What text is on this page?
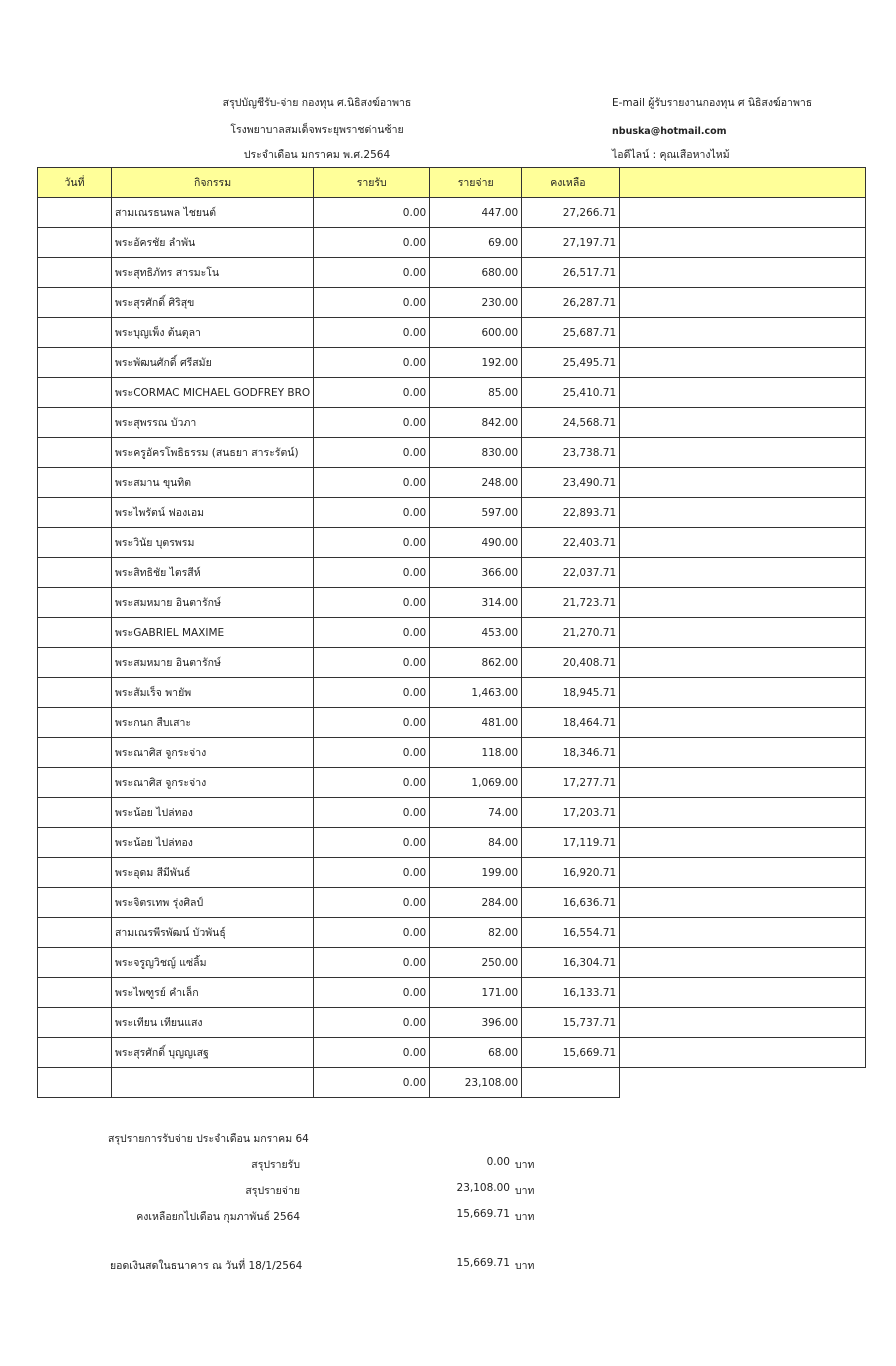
สรุปบัญชีรับ-จ่าย กองทุน ศ.นิธิสงฆ์อาพาธ
โรงพยาบาลสมเด็จพระยุพราชด่านซ้าย
ประจำเดือน มกราคม พ.ศ.2564
E-mail ผู้รับรายงานกองทุน ศ นิธิสงฆ์อาพาธ
nbuska@hotmail.com
ไอดีไลน์ : คุณเสือหางไหม้
วันที่	กิจกรรม	รายรับ	รายจ่าย	คงเหลือ	
	สามเณรธนพล ไชยนต์	0.00	447.00	27,266.71	
	พระอัครชัย ลำพัน	0.00	69.00	27,197.71	
	พระสุทธิภัทร สารมะโน	0.00	680.00	26,517.71	
	พระสุรศักดิ์ ศิริสุข	0.00	230.00	26,287.71	
	พระบุญเพ็ง ต้นตุลา	0.00	600.00	25,687.71	
	พระพัฒนศักดิ์ ศรีสมัย	0.00	192.00	25,495.71	
	พระCORMAC MICHAEL GODFREY BRO	0.00	85.00	25,410.71	
	พระสุพรรณ บัวภา	0.00	842.00	24,568.71	
	พระครูอัครโพธิธรรม (สนธยา สาระรัตน์)	0.00	830.00	23,738.71	
	พระสมาน ขุนทิต	0.00	248.00	23,490.71	
	พระไพรัตน์ ฟองเอม	0.00	597.00	22,893.71	
	พระวินัย บุตรพรม	0.00	490.00	22,403.71	
	พระสิทธิชัย ไตรสีห์	0.00	366.00	22,037.71	
	พระสมหมาย อินตารักษ์	0.00	314.00	21,723.71	
	พระGABRIEL MAXIME	0.00	453.00	21,270.71	
	พระสมหมาย อินตารักษ์	0.00	862.00	20,408.71	
	พระสัมเร็จ พายัพ	0.00	1,463.00	18,945.71	
	พระกนก สืบเสาะ	0.00	481.00	18,464.71	
	พระณาศิส จูกระจ่าง	0.00	118.00	18,346.71	
	พระณาศิส จูกระจ่าง	0.00	1,069.00	17,277.71	
	พระน้อย ไปล่ทอง	0.00	74.00	17,203.71	
	พระน้อย ไปล่ทอง	0.00	84.00	17,119.71	
	พระอุดม สีมีพันธ์	0.00	199.00	16,920.71	
	พระจิตรเทพ รุ่งศิลป์	0.00	284.00	16,636.71	
	สามเณรพีรพัฒน์ บัวพันธุ์	0.00	82.00	16,554.71	
	พระจรูญวิชญ์ แซ่ลิ้ม	0.00	250.00	16,304.71	
	พระไพฑูรย์ คำเล็ก	0.00	171.00	16,133.71	
	พระเทียน เทียนแสง	0.00	396.00	15,737.71	
	พระสุรศักดิ์ บุญญเสฐ	0.00	68.00	15,669.71	
		0.00	23,108.00		
สรุปรายการรับจ่าย ประจำเดือน มกราคม 64
สรุปรายรับ	0.00 บาท
สรุปรายจ่าย	23,108.00 บาท
คงเหลือยกไปเดือน กุมภาพันธ์ 2564	15,669.71 บาท
ยอดเงินสดในธนาคาร ณ วันที่ 18/1/2564	15,669.71 บาท
